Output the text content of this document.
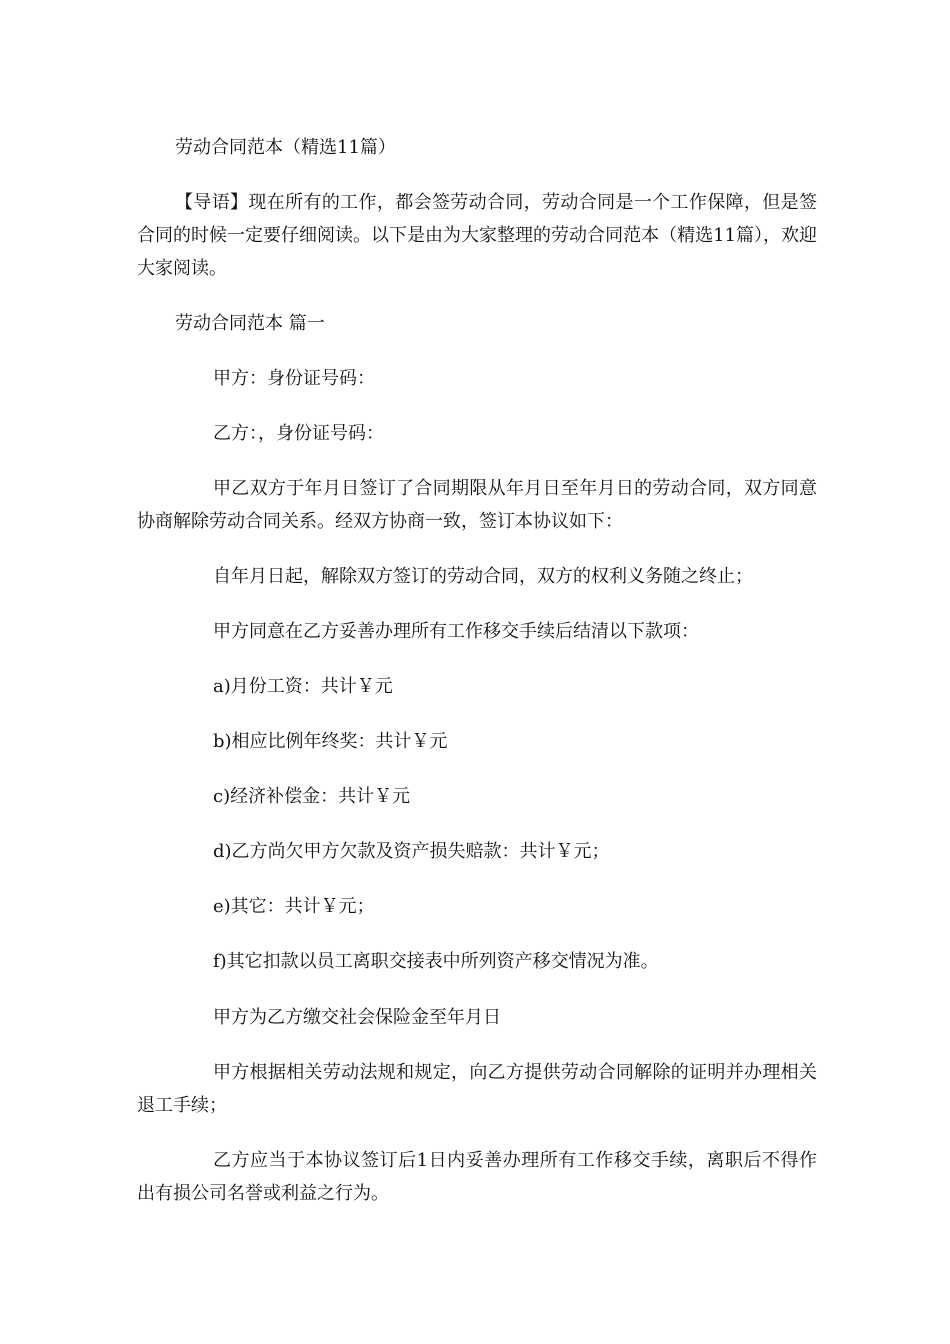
劳动合同范本（精选11篇）

【导语】现在所有的工作，都会签劳动合同，劳动合同是一个工作保障，但是签合同的时候一定要仔细阅读。以下是由为大家整理的劳动合同范本（精选11篇），欢迎大家阅读。

劳动合同范本 篇一

甲方：身份证号码：

乙方：，身份证号码：

甲乙双方于年月日签订了合同期限从年月日至年月日的劳动合同，双方同意协商解除劳动合同关系。经双方协商一致，签订本协议如下：

自年月日起，解除双方签订的劳动合同，双方的权利义务随之终止；

甲方同意在乙方妥善办理所有工作移交手续后结清以下款项：

a)月份工资：共计￥元

b)相应比例年终奖：共计￥元

c)经济补偿金：共计￥元

d)乙方尚欠甲方欠款及资产损失赔款：共计￥元；

e)其它：共计￥元；

f)其它扣款以员工离职交接表中所列资产移交情况为准。

甲方为乙方缴交社会保险金至年月日

甲方根据相关劳动法规和规定，向乙方提供劳动合同解除的证明并办理相关退工手续；

乙方应当于本协议签订后1日内妥善办理所有工作移交手续，离职后不得作出有损公司名誉或利益之行为。
